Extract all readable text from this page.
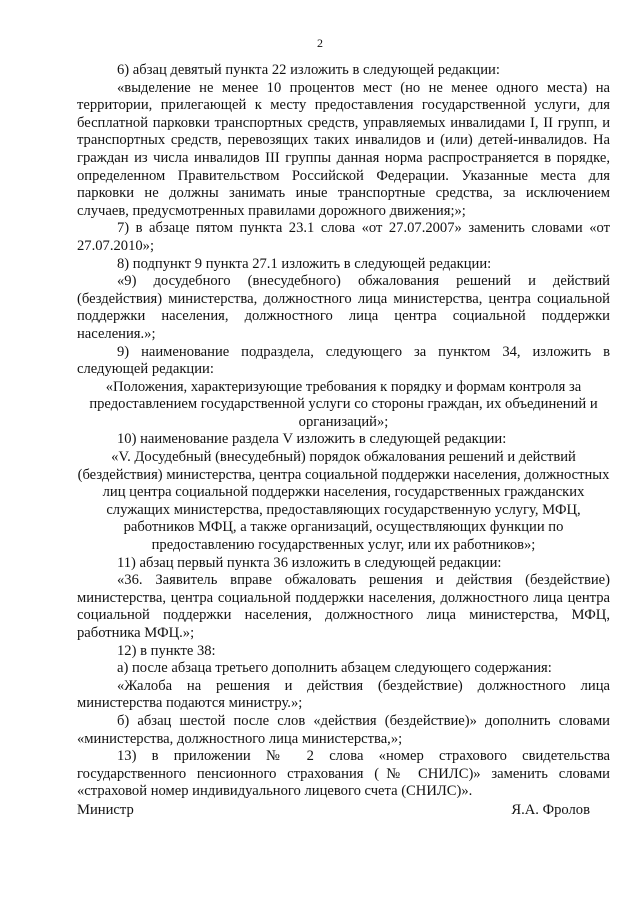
2

6) абзац девятый пункта 22 изложить в следующей редакции:

«выделение не менее 10 процентов мест (но не менее одного места) на территории, прилегающей к месту предоставления государственной услуги, для бесплатной парковки транспортных средств, управляемых инвалидами I, II групп, и транспортных средств, перевозящих таких инвалидов и (или) детей-инвалидов. На граждан из числа инвалидов III группы данная норма распространяется в порядке, определенном Правительством Российской Федерации. Указанные места для парковки не должны занимать иные транспортные средства, за исключением случаев, предусмотренных правилами дорожного движения;»;

7) в абзаце пятом пункта 23.1 слова «от 27.07.2007» заменить словами «от 27.07.2010»;

8) подпункт 9 пункта 27.1 изложить в следующей редакции:

«9) досудебного (внесудебного) обжалования решений и действий (бездействия) министерства, должностного лица министерства, центра социальной поддержки населения, должностного лица центра социальной поддержки населения.»;

9) наименование подраздела, следующего за пунктом 34, изложить в следующей редакции:

«Положения, характеризующие требования к порядку и формам контроля за предоставлением государственной услуги со стороны граждан, их объединений и организаций»;

10) наименование раздела V изложить в следующей редакции:

«V. Досудебный (внесудебный) порядок обжалования решений и действий (бездействия) министерства, центра социальной поддержки населения, должностных лиц центра социальной поддержки населения, государственных гражданских служащих министерства, предоставляющих государственную услугу, МФЦ, работников МФЦ, а также организаций, осуществляющих функции по предоставлению государственных услуг, или их работников»;

11) абзац первый пункта 36 изложить в следующей редакции:

«36. Заявитель вправе обжаловать решения и действия (бездействие) министерства, центра социальной поддержки населения, должностного лица центра социальной поддержки населения, должностного лица министерства, МФЦ, работника МФЦ.»;

12) в пункте 38:

а) после абзаца третьего дополнить абзацем следующего содержания:

«Жалоба на решения и действия (бездействие) должностного лица министерства подаются министру.»;

б) абзац шестой после слов «действия (бездействие)» дополнить словами «министерства, должностного лица министерства,»;

13) в приложении № 2 слова «номер страхового свидетельства государственного пенсионного страхования (№ СНИЛС)» заменить словами «страховой номер индивидуального лицевого счета (СНИЛС)».

Министр	Я.А. Фролов
